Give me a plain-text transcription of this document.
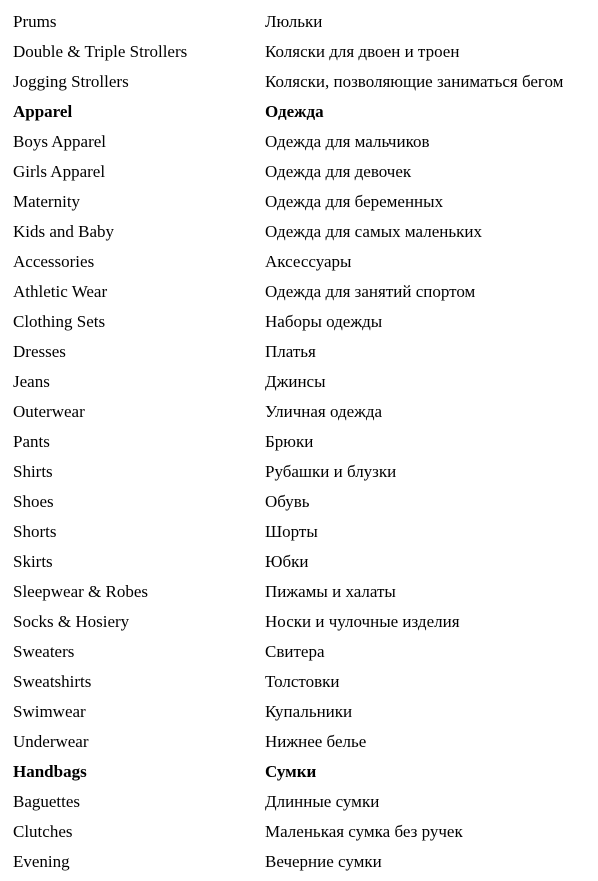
Prums	Люльки
Double & Triple Strollers	Коляски для двоен и троен
Jogging Strollers	Коляски, позволяющие заниматься бегом
Apparel	Одежда
Boys Apparel	Одежда для мальчиков
Girls Apparel	Одежда для девочек
Maternity	Одежда для беременных
Kids and Baby	Одежда для самых маленьких
Accessories	Аксессуары
Athletic Wear	Одежда для занятий спортом
Clothing Sets	Наборы одежды
Dresses	Платья
Jeans	Джинсы
Outerwear	Уличная одежда
Pants	Брюки
Shirts	Рубашки и блузки
Shoes	Обувь
Shorts	Шорты
Skirts	Юбки
Sleepwear & Robes	Пижамы и халаты
Socks & Hosiery	Носки и чулочные изделия
Sweaters	Свитера
Sweatshirts	Толстовки
Swimwear	Купальники
Underwear	Нижнее белье
Handbags	Сумки
Baguettes	Длинные сумки
Clutches	Маленькая сумка без ручек
Evening	Вечерние сумки
